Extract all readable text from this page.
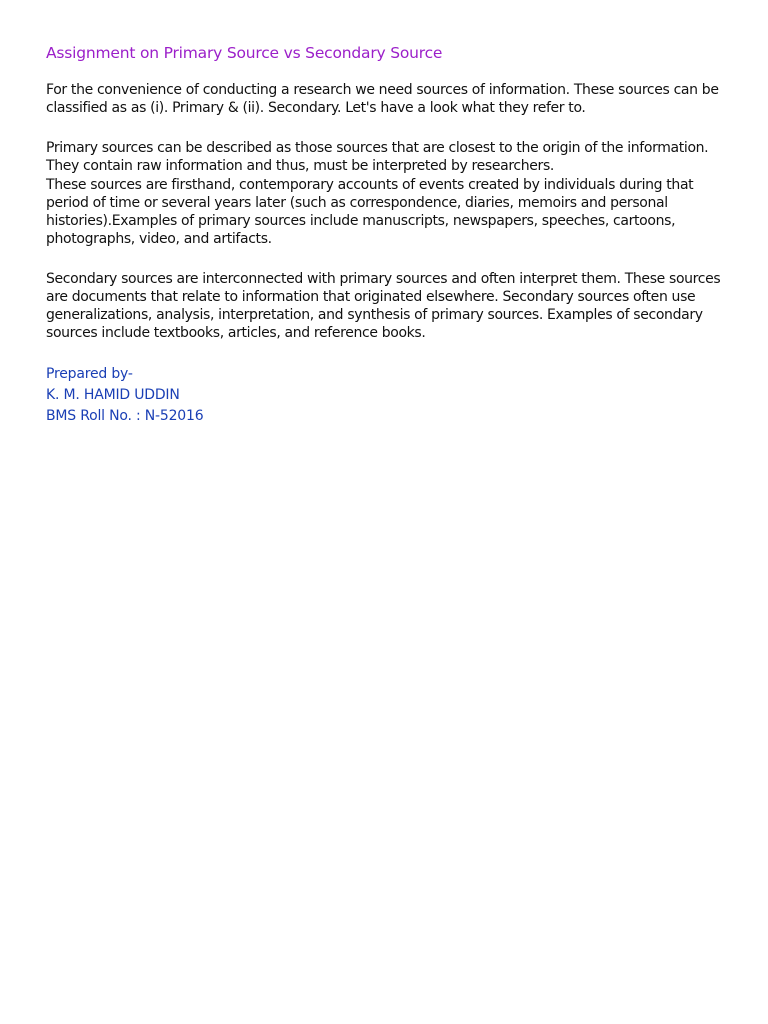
Assignment on Primary Source vs Secondary Source

For the convenience of conducting a research we need sources of information. These sources can be classified as as (i). Primary & (ii). Secondary. Let's have a look what they refer to.

Primary sources can be described as those sources that are closest to the origin of the information. They contain raw information and thus, must be interpreted by researchers.

These sources are firsthand, contemporary accounts of events created by individuals during that period of time or several years later (such as correspondence, diaries, memoirs and personal histories).Examples of primary sources include manuscripts, newspapers, speeches, cartoons, photographs, video, and artifacts.

Secondary sources are interconnected with primary sources and often interpret them. These sources are documents that relate to information that originated elsewhere. Secondary sources often use generalizations, analysis, interpretation, and synthesis of primary sources. Examples of secondary sources include textbooks, articles, and reference books.

Prepared by-
K. M. HAMID UDDIN
BMS Roll No. : N-52016
